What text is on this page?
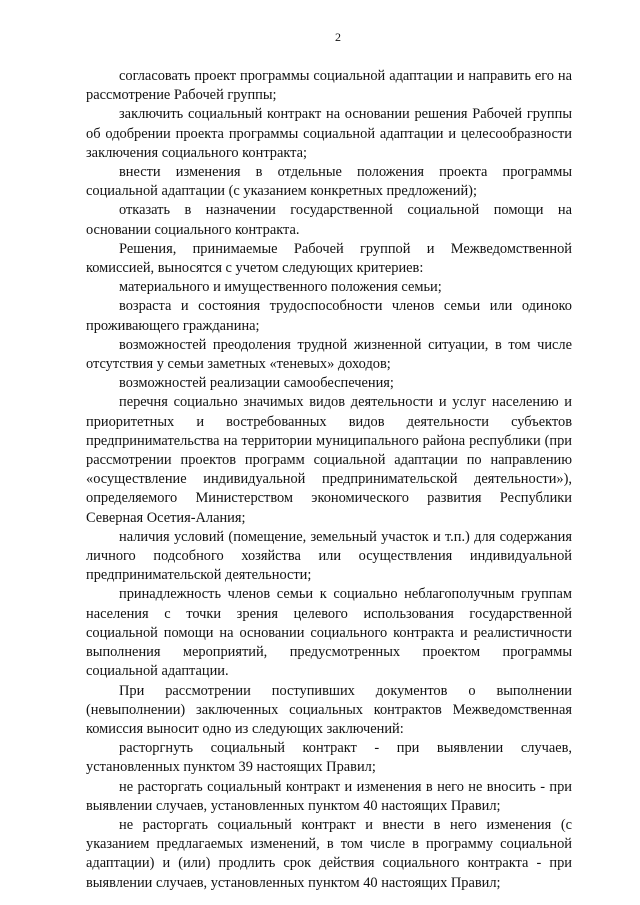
2

согласовать проект программы социальной адаптации и направить его на рассмотрение Рабочей группы;

заключить социальный контракт на основании решения Рабочей группы об одобрении проекта программы социальной адаптации и целесообразности заключения социального контракта;

внести изменения в отдельные положения проекта программы социальной адаптации (с указанием конкретных предложений);

отказать в назначении государственной социальной помощи на основании социального контракта.

Решения, принимаемые Рабочей группой и Межведомственной комиссией, выносятся с учетом следующих критериев:

материального и имущественного положения семьи;

возраста и состояния трудоспособности членов семьи или одиноко проживающего гражданина;

возможностей преодоления трудной жизненной ситуации, в том числе отсутствия у семьи заметных «теневых» доходов;

возможностей реализации самообеспечения;

перечня социально значимых видов деятельности и услуг населению и приоритетных и востребованных видов деятельности субъектов предпринимательства на территории муниципального района республики (при рассмотрении проектов программ социальной адаптации по направлению «осуществление индивидуальной предпринимательской деятельности»), определяемого Министерством экономического развития Республики Северная Осетия-Алания;

наличия условий (помещение, земельный участок и т.п.) для содержания личного подсобного хозяйства или осуществления индивидуальной предпринимательской деятельности;

принадлежность членов семьи к социально неблагополучным группам населения с точки зрения целевого использования государственной социальной помощи на основании социального контракта и реалистичности выполнения мероприятий, предусмотренных проектом программы социальной адаптации.

При рассмотрении поступивших документов о выполнении (невыполнении) заключенных социальных контрактов Межведомственная комиссия выносит одно из следующих заключений:

расторгнуть социальный контракт - при выявлении случаев, установленных пунктом 39 настоящих Правил;

не расторгать социальный контракт и изменения в него не вносить - при выявлении случаев, установленных пунктом 40 настоящих Правил;

не расторгать социальный контракт и внести в него изменения (с указанием предлагаемых изменений, в том числе в программу социальной адаптации) и (или) продлить срок действия социального контракта - при выявлении случаев, установленных пунктом 40 настоящих Правил;
